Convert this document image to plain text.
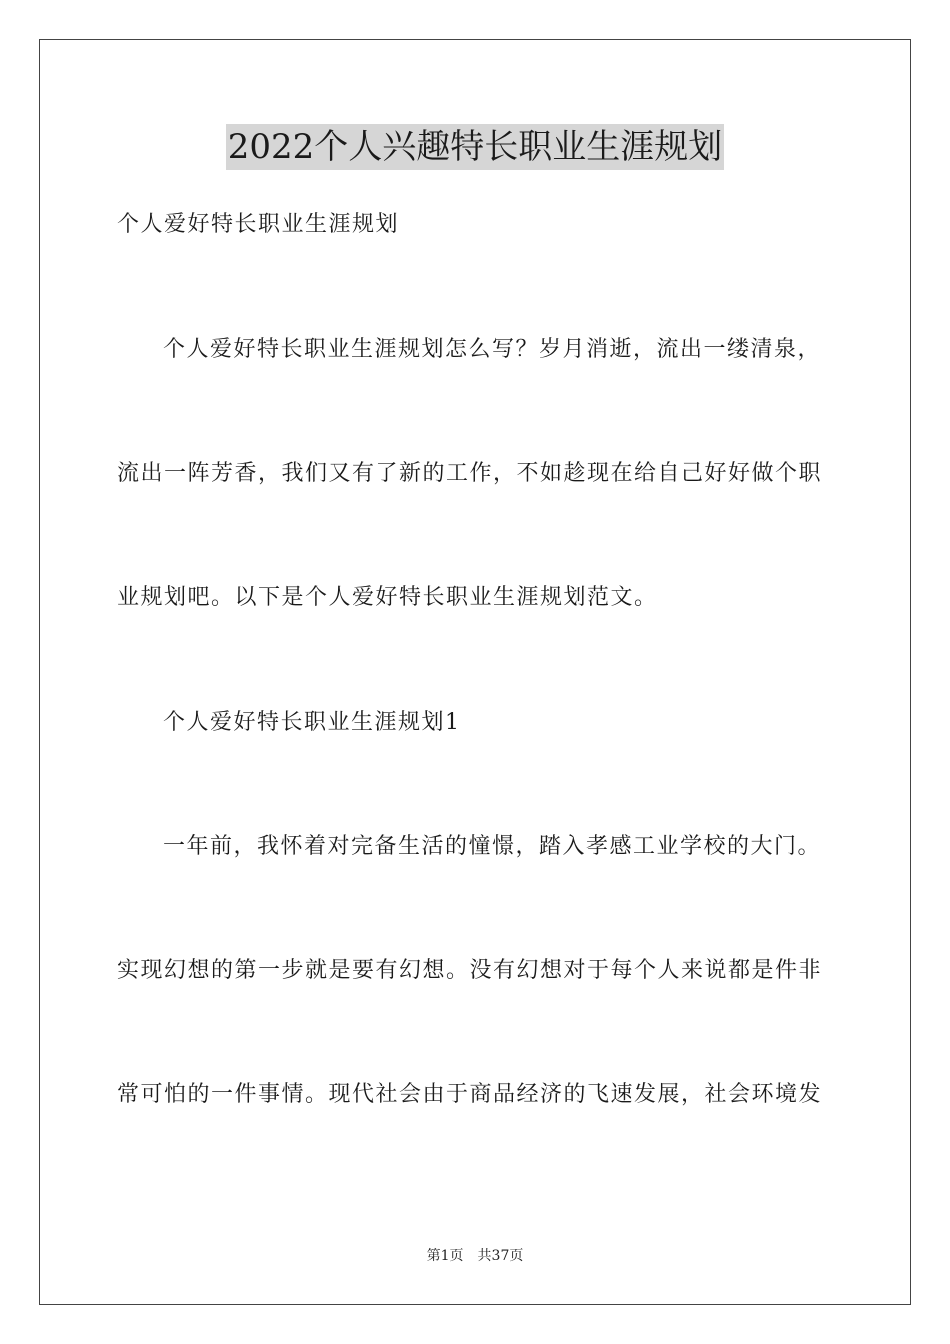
2022个人兴趣特长职业生涯规划
个人爱好特长职业生涯规划
个人爱好特长职业生涯规划怎么写？岁月消逝，流出一缕清泉，
流出一阵芳香，我们又有了新的工作，不如趁现在给自己好好做个职
业规划吧。以下是个人爱好特长职业生涯规划范文。
个人爱好特长职业生涯规划1
一年前，我怀着对完备生活的憧憬，踏入孝感工业学校的大门。
实现幻想的第一步就是要有幻想。没有幻想对于每个人来说都是件非
常可怕的一件事情。现代社会由于商品经济的飞速发展，社会环境发
第1页 共37页
